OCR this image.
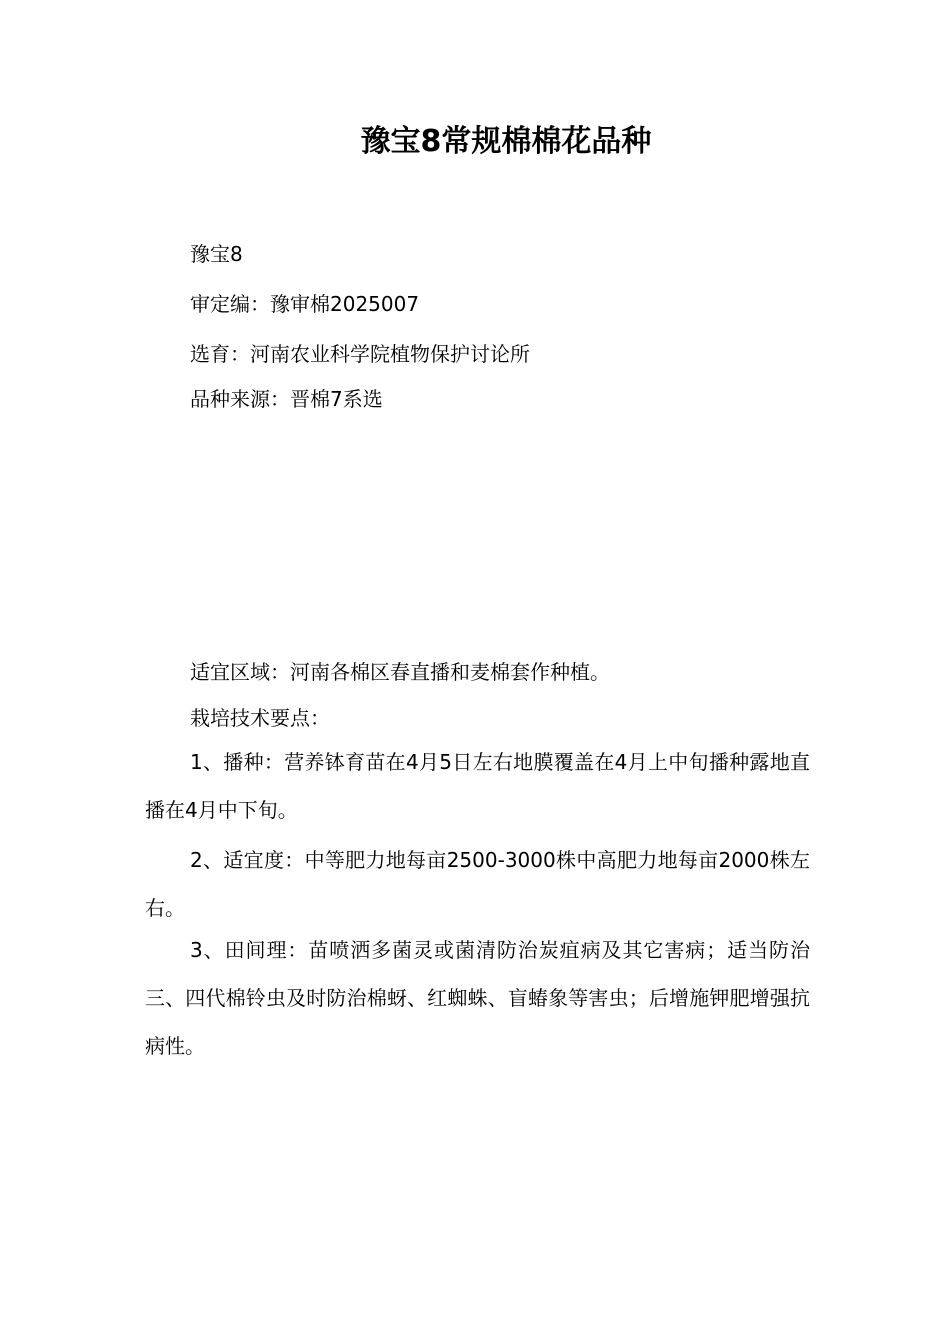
豫宝8常规棉棉花品种
豫宝8
审定编：豫审棉2025007
选育：河南农业科学院植物保护讨论所
品种来源：晋棉7系选
适宜区域：河南各棉区春直播和麦棉套作种植。
栽培技术要点：
1、播种：营养钵育苗在4月5日左右地膜覆盖在4月上中旬播种露地直播在4月中下旬。
2、适宜度：中等肥力地每亩2500-3000株中高肥力地每亩2000株左右。
3、田间理：苗喷洒多菌灵或菌清防治炭疽病及其它害病；适当防治三、四代棉铃虫及时防治棉蚜、红蜘蛛、盲蝽象等害虫；后增施钾肥增强抗病性。
